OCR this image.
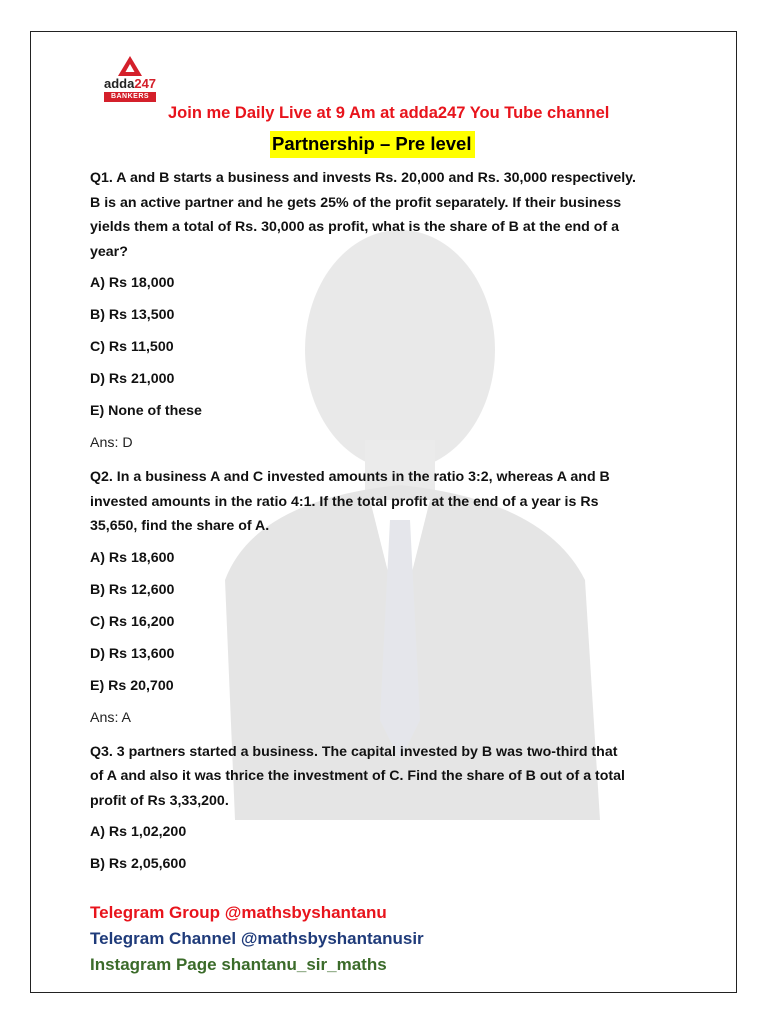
adda247
BANKERS
Join me Daily Live at 9 Am at adda247 You Tube channel
Partnership – Pre level

Q1. A and B starts a business and invests Rs. 20,000 and Rs. 30,000 respectively.

B is an active partner and he gets 25% of the profit separately. If their business

yields them a total of Rs. 30,000 as profit, what is the share of B at the end of a

year?

A) Rs 18,000

B) Rs 13,500

C) Rs 11,500

D) Rs 21,000

E) None of these

Ans: D

Q2. In a business A and C invested amounts in the ratio 3:2, whereas A and B

invested amounts in the ratio 4:1. If the total profit at the end of a year is Rs

35,650, find the share of A.

A) Rs 18,600

B) Rs 12,600

C) Rs 16,200

D) Rs 13,600

E) Rs 20,700

Ans: A

Q3. 3 partners started a business. The capital invested by B was two-third that

of A and also it was thrice the investment of C. Find the share of B out of a total

profit of Rs 3,33,200.

A) Rs 1,02,200

B) Rs 2,05,600

Telegram Group @mathsbyshantanu
Telegram Channel @mathsbyshantanusir
Instagram Page shantanu_sir_maths
